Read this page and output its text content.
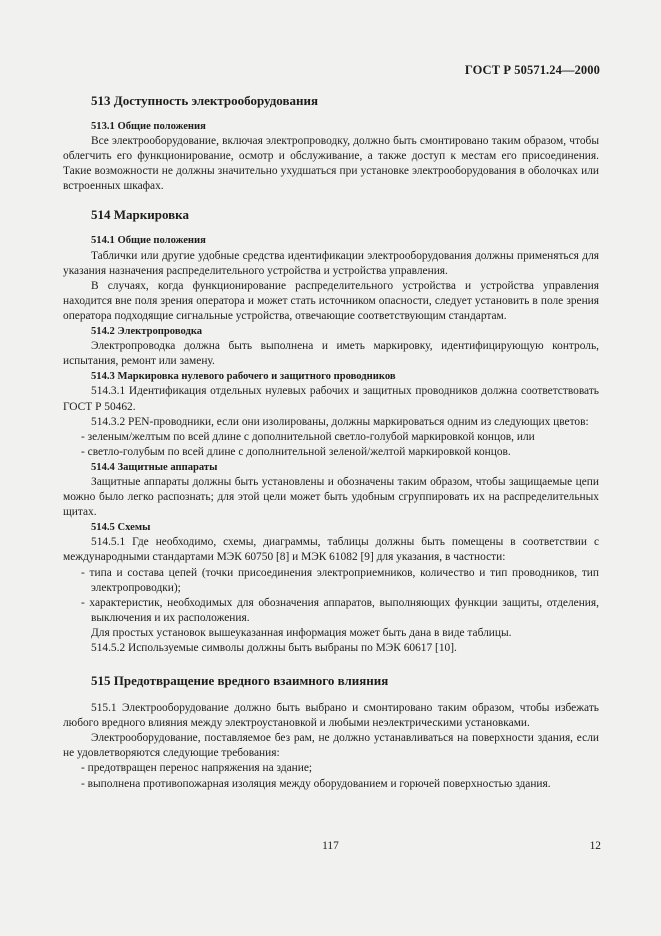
ГОСТ Р 50571.24—2000
513 Доступность электрооборудования

513.1 Общие положения

Все электрооборудование, включая электропроводку, должно быть смонтировано таким образом, чтобы облегчить его функционирование, осмотр и обслуживание, а также доступ к местам его присоединения. Такие возможности не должны значительно ухудшаться при установке электрооборудования в оболочках или встроенных шкафах.

514 Маркировка

514.1 Общие положения

Таблички или другие удобные средства идентификации электрооборудования должны применяться для указания назначения распределительного устройства и устройства управления.

В случаях, когда функционирование распределительного устройства и устройства управления находится вне поля зрения оператора и может стать источником опасности, следует установить в поле зрения оператора подходящие сигнальные устройства, отвечающие соответствующим стандартам.

514.2 Электропроводка

Электропроводка должна быть выполнена и иметь маркировку, идентифицирующую контроль, испытания, ремонт или замену.

514.3 Маркировка нулевого рабочего и защитного проводников

514.3.1 Идентификация отдельных нулевых рабочих и защитных проводников должна соответствовать ГОСТ Р 50462.

514.3.2 PEN-проводники, если они изолированы, должны маркироваться одним из следующих цветов:

- зеленым/желтым по всей длине с дополнительной светло-голубой маркировкой концов, или

- светло-голубым по всей длине с дополнительной зеленой/желтой маркировкой концов.

514.4 Защитные аппараты

Защитные аппараты должны быть установлены и обозначены таким образом, чтобы защищаемые цепи можно было легко распознать; для этой цели может быть удобным сгруппировать их на распределительных щитах.

514.5 Схемы

514.5.1 Где необходимо, схемы, диаграммы, таблицы должны быть помещены в соответствии с международными стандартами МЭК 60750 [8] и МЭК 61082 [9] для указания, в частности:

- типа и состава цепей (точки присоединения электроприемников, количество и тип проводников, тип электропроводки);

- характеристик, необходимых для обозначения аппаратов, выполняющих функции защиты, отделения, выключения и их расположения.

Для простых установок вышеуказанная информация может быть дана в виде таблицы.

514.5.2 Используемые символы должны быть выбраны по МЭК 60617 [10].

515 Предотвращение вредного взаимного влияния

515.1 Электрооборудование должно быть выбрано и смонтировано таким образом, чтобы избежать любого вредного влияния между электроустановкой и любыми неэлектрическими установками.

Электрооборудование, поставляемое без рам, не должно устанавливаться на поверхности здания, если не удовлетворяются следующие требования:

- предотвращен перенос напряжения на здание;

- выполнена противопожарная изоляция между оборудованием и горючей поверхностью здания.

117	12
